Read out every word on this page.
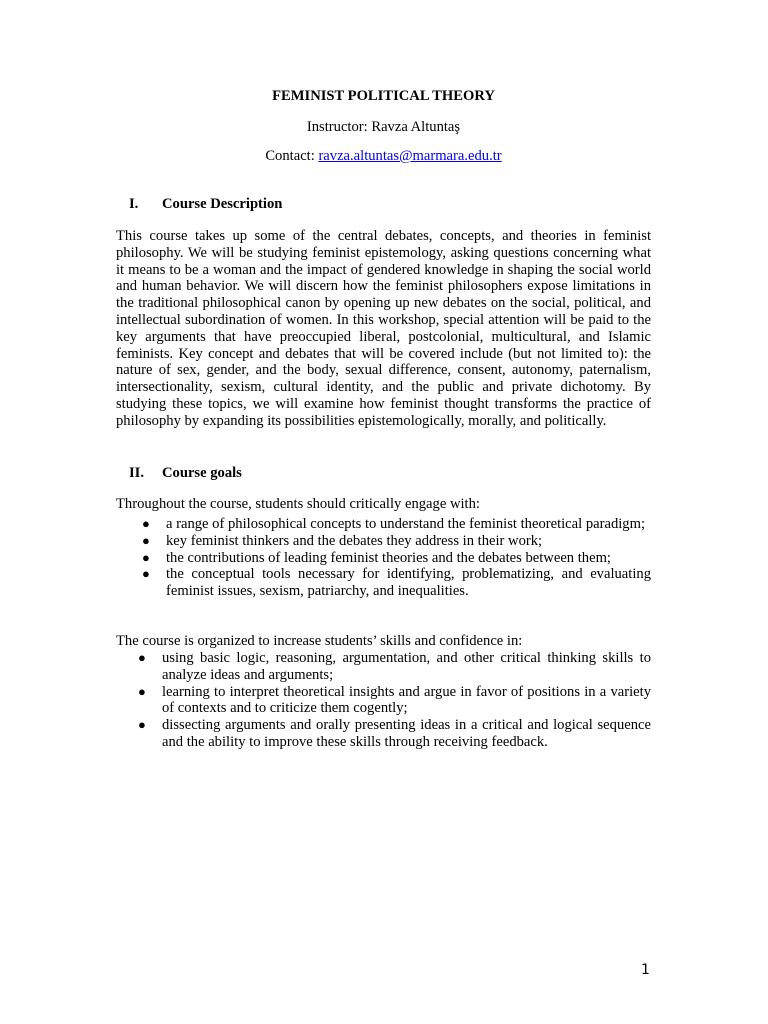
FEMINIST POLITICAL THEORY
Instructor: Ravza Altuntaş
Contact: ravza.altuntas@marmara.edu.tr
I. Course Description

This course takes up some of the central debates, concepts, and theories in feminist philosophy. We will be studying feminist epistemology, asking questions concerning what it means to be a woman and the impact of gendered knowledge in shaping the social world and human behavior. We will discern how the feminist philosophers expose limitations in the traditional philosophical canon by opening up new debates on the social, political, and intellectual subordination of women. In this workshop, special attention will be paid to the key arguments that have preoccupied liberal, postcolonial, multicultural, and Islamic feminists. Key concept and debates that will be covered include (but not limited to): the nature of sex, gender, and the body, sexual difference, consent, autonomy, paternalism, intersectionality, sexism, cultural identity, and the public and private dichotomy. By studying these topics, we will examine how feminist thought transforms the practice of philosophy by expanding its possibilities epistemologically, morally, and politically.

II. Course goals

Throughout the course, students should critically engage with:

● a range of philosophical concepts to understand the feminist theoretical paradigm;
● key feminist thinkers and the debates they address in their work;
● the contributions of leading feminist theories and the debates between them;
● the conceptual tools necessary for identifying, problematizing, and evaluating feminist issues, sexism, patriarchy, and inequalities.

The course is organized to increase students’ skills and confidence in:

● using basic logic, reasoning, argumentation, and other critical thinking skills to analyze ideas and arguments;
● learning to interpret theoretical insights and argue in favor of positions in a variety of contexts and to criticize them cogently;
● dissecting arguments and orally presenting ideas in a critical and logical sequence and the ability to improve these skills through receiving feedback.
1
